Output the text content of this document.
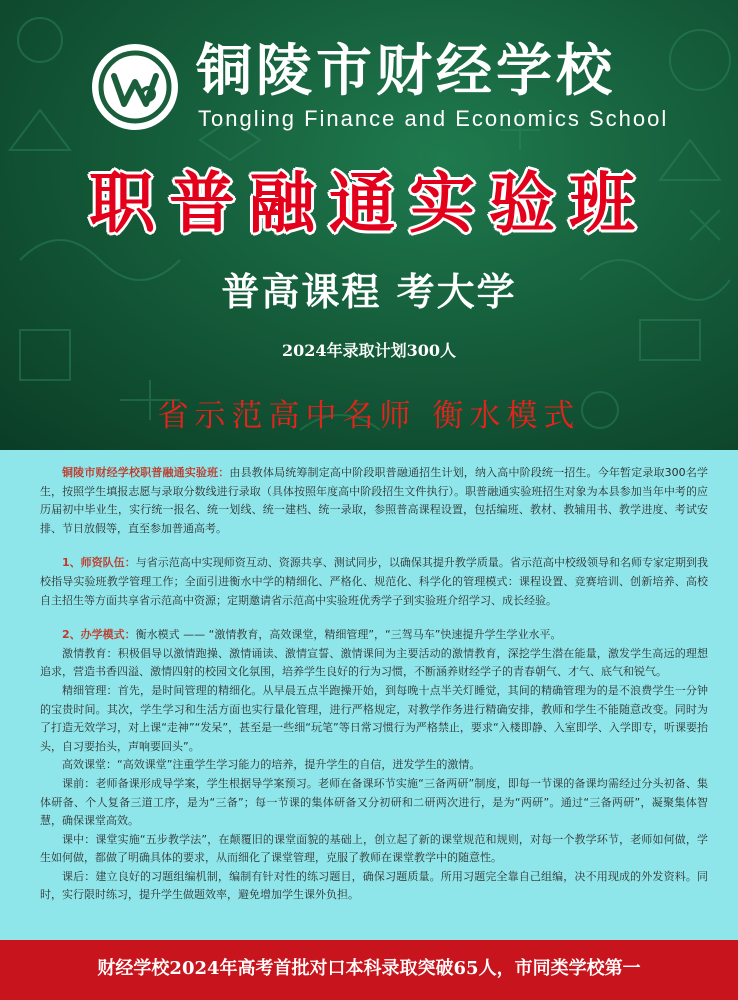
铜陵市财经学校
Tongling Finance and Economics School
职普融通实验班
普高课程 考大学
2024年录取计划300人
省示范高中名师 衡水模式

铜陵市财经学校职普融通实验班：由县教体局统筹制定高中阶段职普融通招生计划，纳入高中阶段统一招生。今年暂定录取300名学生，按照学生填报志愿与录取分数线进行录取（具体按照年度高中阶段招生文件执行）。职普融通实验班招生对象为本县参加当年中考的应历届初中毕业生，实行统一报名、统一划线、统一建档、统一录取，参照普高课程设置，包括编班、教材、教辅用书、教学进度、考试安排、节日放假等，直至参加普通高考。

1、师资队伍：与省示范高中实现师资互动、资源共享、测试同步，以确保其提升教学质量。省示范高中校级领导和名师专家定期到我校指导实验班教学管理工作；全面引进衡水中学的精细化、严格化、规范化、科学化的管理模式：课程设置、竞赛培训、创新培养、高校自主招生等方面共享省示范高中资源；定期邀请省示范高中实验班优秀学子到实验班介绍学习、成长经验。

2、办学模式：衡水模式 —— “激情教育，高效课堂，精细管理”，“三驾马车”快速提升学生学业水平。

激情教育：积极倡导以激情跑操、激情诵读、激情宣誓、激情课间为主要活动的激情教育，深挖学生潜在能量，激发学生高远的理想追求，营造书香四溢、激情四射的校园文化氛围，培养学生良好的行为习惯，不断涵养财经学子的青春朝气、才气、底气和锐气。

精细管理：首先，是时间管理的精细化。从早晨五点半跑操开始，到每晚十点半关灯睡觉，其间的精确管理为的是不浪费学生一分钟的宝贵时间。其次，学生学习和生活方面也实行量化管理，进行严格规定，对教学作务进行精确安排，教师和学生不能随意改变。同时为了打造无效学习，对上课“走神”“发呆”，甚至是一些细“玩笔”等日常习惯行为严格禁止，要求“入楼即静、入室即学、入学即专，听课要抬头，自习要抬头，声响要回头”。

高效课堂：“高效课堂”注重学生学习能力的培养，提升学生的自信，迸发学生的激情。

课前：老师备课形成导学案，学生根据导学案预习。老师在备课环节实施“三备两研”制度，即每一节课的备课均需经过分头初备、集体研备、个人复备三道工序，是为“三备”；每一节课的集体研备又分初研和二研两次进行，是为“两研”。通过“三备两研”，凝聚集体智慧，确保课堂高效。

课中：课堂实施“五步教学法”，在颠覆旧的课堂面貌的基础上，创立起了新的课堂规范和规则，对每一个教学环节，老师如何做，学生如何做，都做了明确具体的要求，从而细化了课堂管理，克服了教师在课堂教学中的随意性。

课后：建立良好的习题组编机制，编制有针对性的练习题目，确保习题质量。所用习题完全靠自己组编，决不用现成的外发资料。同时，实行限时练习，提升学生做题效率，避免增加学生课外负担。

财经学校2024年高考首批对口本科录取突破65人，市同类学校第一
